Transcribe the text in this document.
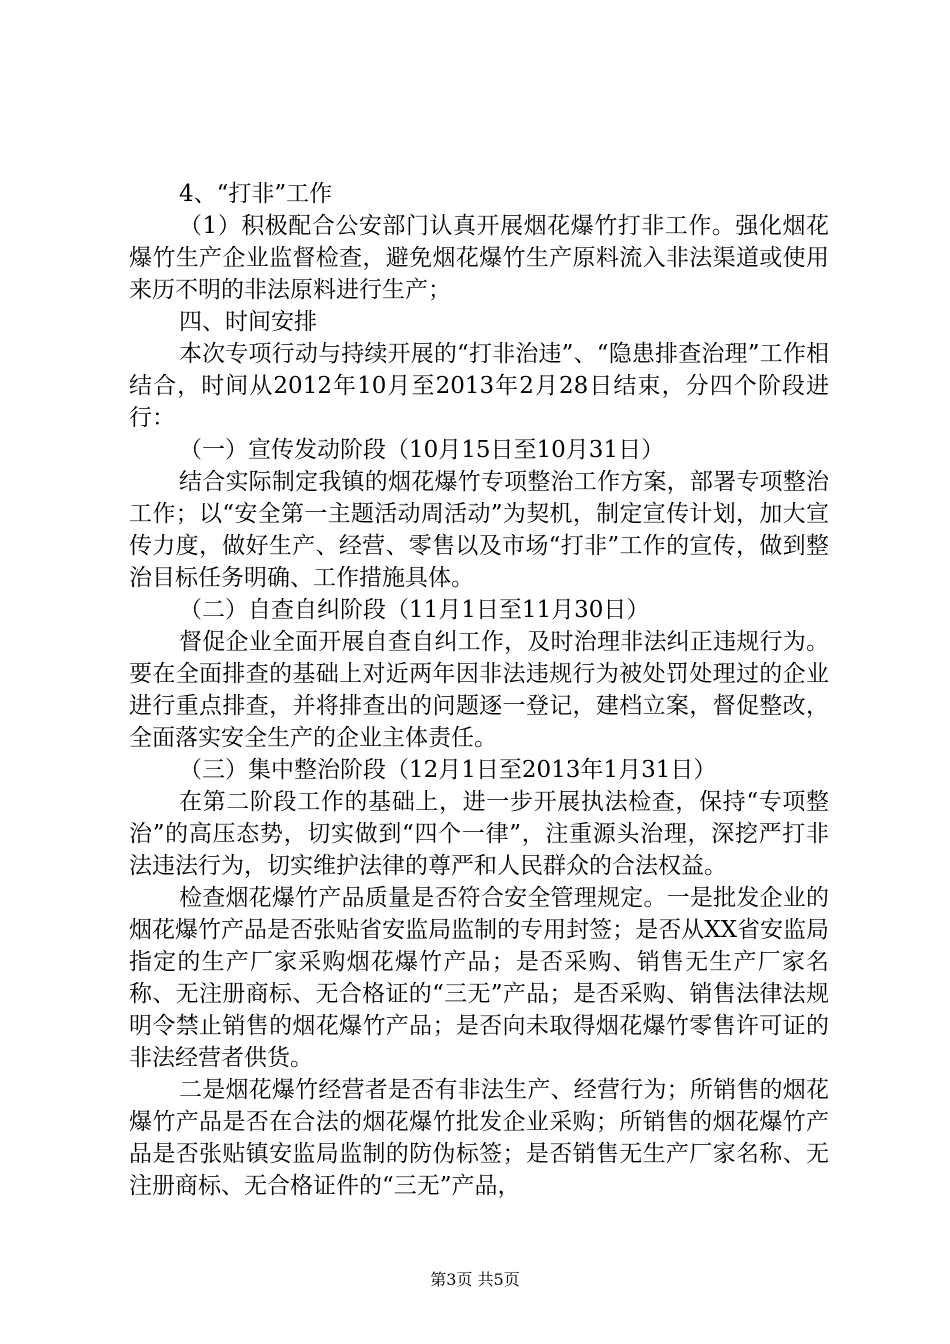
4、“打非”工作

（1）积极配合公安部门认真开展烟花爆竹打非工作。强化烟花爆竹生产企业监督检查，避免烟花爆竹生产原料流入非法渠道或使用来历不明的非法原料进行生产；

四、时间安排

本次专项行动与持续开展的“打非治违”、“隐患排查治理”工作相结合，时间从2012年10月至2013年2月28日结束，分四个阶段进行：

（一）宣传发动阶段（10月15日至10月31日）

结合实际制定我镇的烟花爆竹专项整治工作方案，部署专项整治工作；以“安全第一主题活动周活动”为契机，制定宣传计划，加大宣传力度，做好生产、经营、零售以及市场“打非”工作的宣传，做到整治目标任务明确、工作措施具体。

（二）自查自纠阶段（11月1日至11月30日）

督促企业全面开展自查自纠工作，及时治理非法纠正违规行为。要在全面排查的基础上对近两年因非法违规行为被处罚处理过的企业进行重点排查，并将排查出的问题逐一登记，建档立案，督促整改，全面落实安全生产的企业主体责任。

（三）集中整治阶段（12月1日至2013年1月31日）

在第二阶段工作的基础上，进一步开展执法检查，保持“专项整治”的高压态势，切实做到“四个一律”，注重源头治理，深挖严打非法违法行为，切实维护法律的尊严和人民群众的合法权益。

检查烟花爆竹产品质量是否符合安全管理规定。一是批发企业的烟花爆竹产品是否张贴省安监局监制的专用封签；是否从XX省安监局指定的生产厂家采购烟花爆竹产品；是否采购、销售无生产厂家名称、无注册商标、无合格证的“三无”产品；是否采购、销售法律法规明令禁止销售的烟花爆竹产品；是否向未取得烟花爆竹零售许可证的非法经营者供货。

二是烟花爆竹经营者是否有非法生产、经营行为；所销售的烟花爆竹产品是否在合法的烟花爆竹批发企业采购；所销售的烟花爆竹产品是否张贴镇安监局监制的防伪标签；是否销售无生产厂家名称、无注册商标、无合格证件的“三无”产品，

第3页 共5页
